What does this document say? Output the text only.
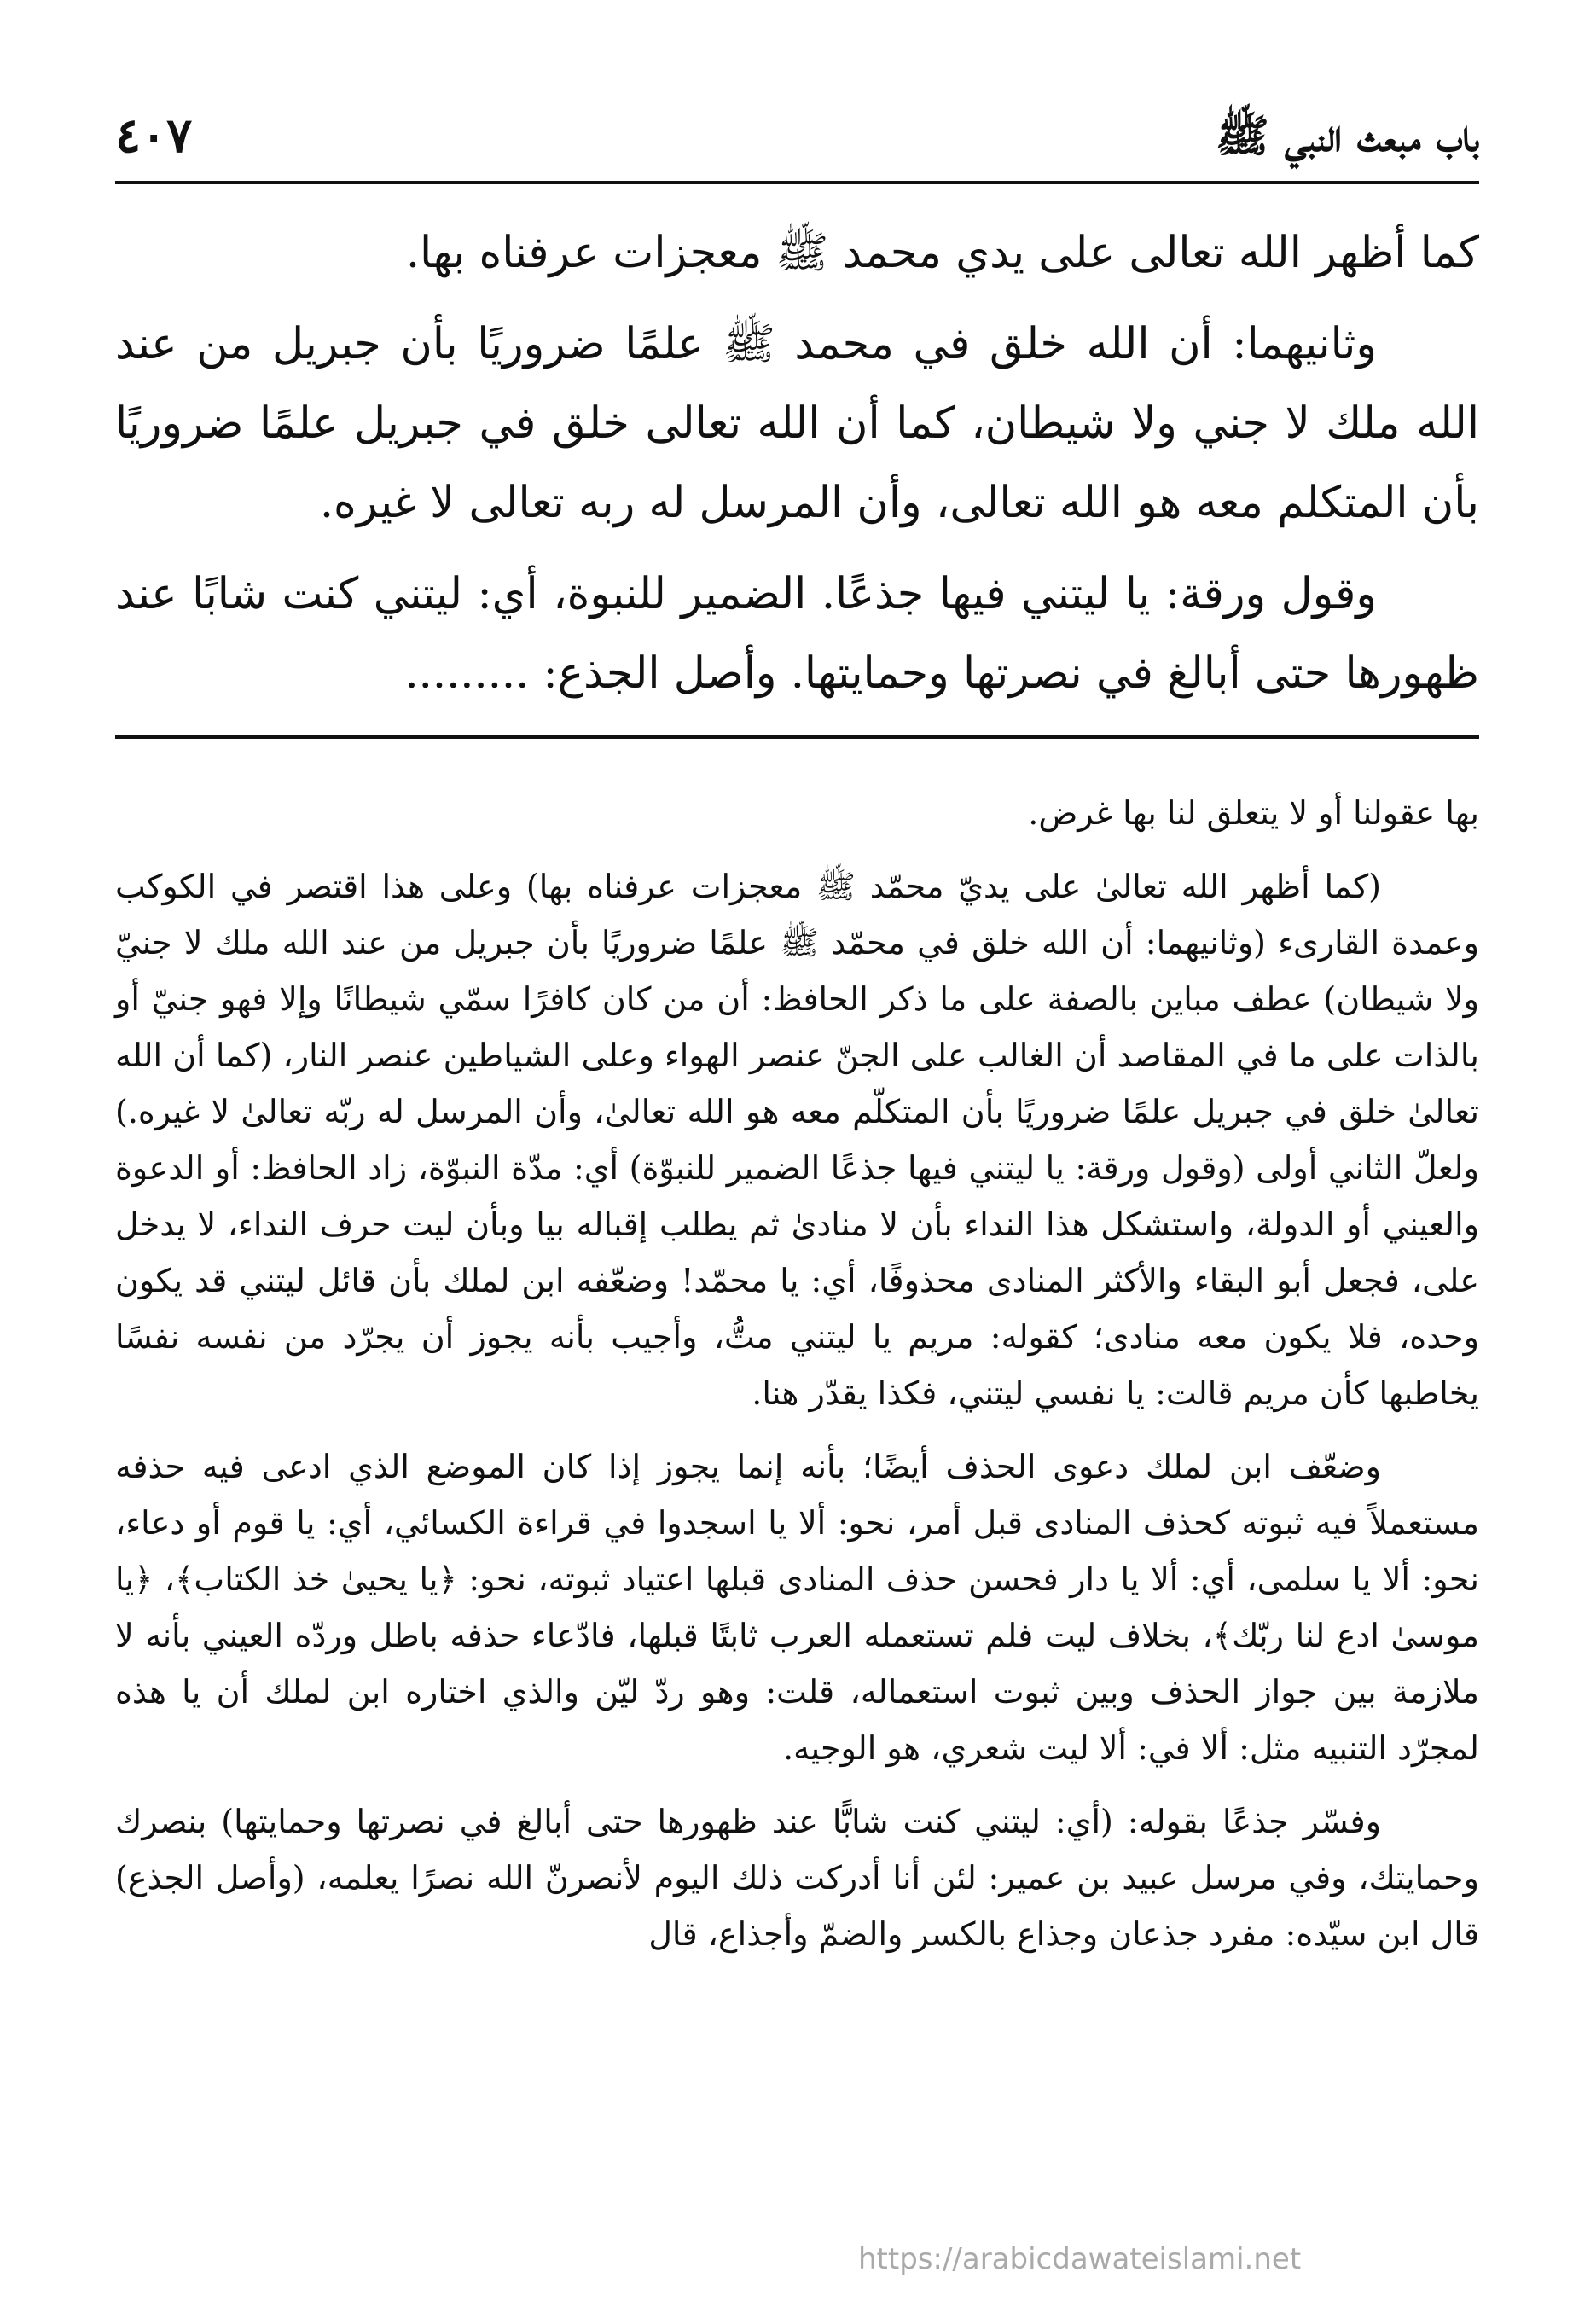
باب مبعث النبي ﷺ
٤٠٧

كما أظهر الله تعالى على يدي محمد ﷺ معجزات عرفناه بها.

وثانيهما: أن الله خلق في محمد ﷺ علمًا ضروريًا بأن جبريل من عند الله ملك لا جني ولا شيطان، كما أن الله تعالى خلق في جبريل علمًا ضروريًا بأن المتكلم معه هو الله تعالى، وأن المرسل له ربه تعالى لا غيره.

وقول ورقة: يا ليتني فيها جذعًا. الضمير للنبوة، أي: ليتني كنت شابًا عند ظهورها حتى أبالغ في نصرتها وحمايتها. وأصل الجذع: .........

بها عقولنا أو لا يتعلق لنا بها غرض.

(كما أظهر الله تعالىٰ على يديّ محمّد ﷺ معجزات عرفناه بها) وعلى هذا اقتصر في الكوكب وعمدة القارىء (وثانيهما: أن الله خلق في محمّد ﷺ علمًا ضروريًا بأن جبريل من عند الله ملك لا جنيّ ولا شيطان) عطف مباين بالصفة على ما ذكر الحافظ: أن من كان كافرًا سمّي شيطانًا وإلا فهو جنيّ أو بالذات على ما في المقاصد أن الغالب على الجنّ عنصر الهواء وعلى الشياطين عنصر النار، (كما أن الله تعالىٰ خلق في جبريل علمًا ضروريًا بأن المتكلّم معه هو الله تعالىٰ، وأن المرسل له ربّه تعالىٰ لا غيره.) ولعلّ الثاني أولى (وقول ورقة: يا ليتني فيها جذعًا الضمير للنبوّة) أي: مدّة النبوّة، زاد الحافظ: أو الدعوة والعيني أو الدولة، واستشكل هذا النداء بأن لا منادىٰ ثم يطلب إقباله بيا وبأن ليت حرف النداء، لا يدخل على، فجعل أبو البقاء والأكثر المنادى محذوفًا، أي: يا محمّد! وضعّفه ابن لملك بأن قائل ليتني قد يكون وحده، فلا يكون معه منادى؛ كقوله: مريم يا ليتني متُّ، وأجيب بأنه يجوز أن يجرّد من نفسه نفسًا يخاطبها كأن مريم قالت: يا نفسي ليتني، فكذا يقدّر هنا.

وضعّف ابن لملك دعوى الحذف أيضًا؛ بأنه إنما يجوز إذا كان الموضع الذي ادعى فيه حذفه مستعملاً فيه ثبوته كحذف المنادى قبل أمر، نحو: ألا يا اسجدوا في قراءة الكسائي، أي: يا قوم أو دعاء، نحو: ألا يا سلمى، أي: ألا يا دار فحسن حذف المنادى قبلها اعتياد ثبوته، نحو: ﴿يا يحيىٰ خذ الكتاب﴾، ﴿يا موسىٰ ادع لنا ربّك﴾، بخلاف ليت فلم تستعمله العرب ثابتًا قبلها، فادّعاء حذفه باطل وردّه العيني بأنه لا ملازمة بين جواز الحذف وبين ثبوت استعماله، قلت: وهو ردّ ليّن والذي اختاره ابن لملك أن يا هذه لمجرّد التنبيه مثل: ألا في: ألا ليت شعري، هو الوجيه.

وفسّر جذعًا بقوله: (أي: ليتني كنت شابًّا عند ظهورها حتى أبالغ في نصرتها وحمايتها) بنصرك وحمايتك، وفي مرسل عبيد بن عمير: لئن أنا أدركت ذلك اليوم لأنصرنّ الله نصرًا يعلمه، (وأصل الجذع) قال ابن سيّده: مفرد جذعان وجذاع بالكسر والضمّ وأجذاع، قال

https://arabicdawateislami.net
